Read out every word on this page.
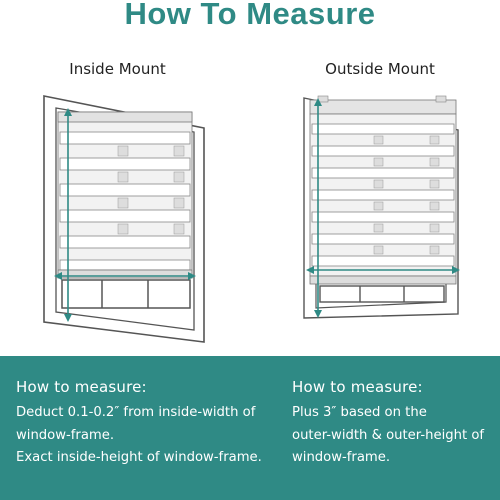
How To Measure
Inside Mount	Outside Mount
How to measure:
Deduct 0.1-0.2″ from inside-width of
window-frame.
Exact inside-height of window-frame.
How to measure:
Plus 3″ based on the
outer-width & outer-height of
window-frame.
